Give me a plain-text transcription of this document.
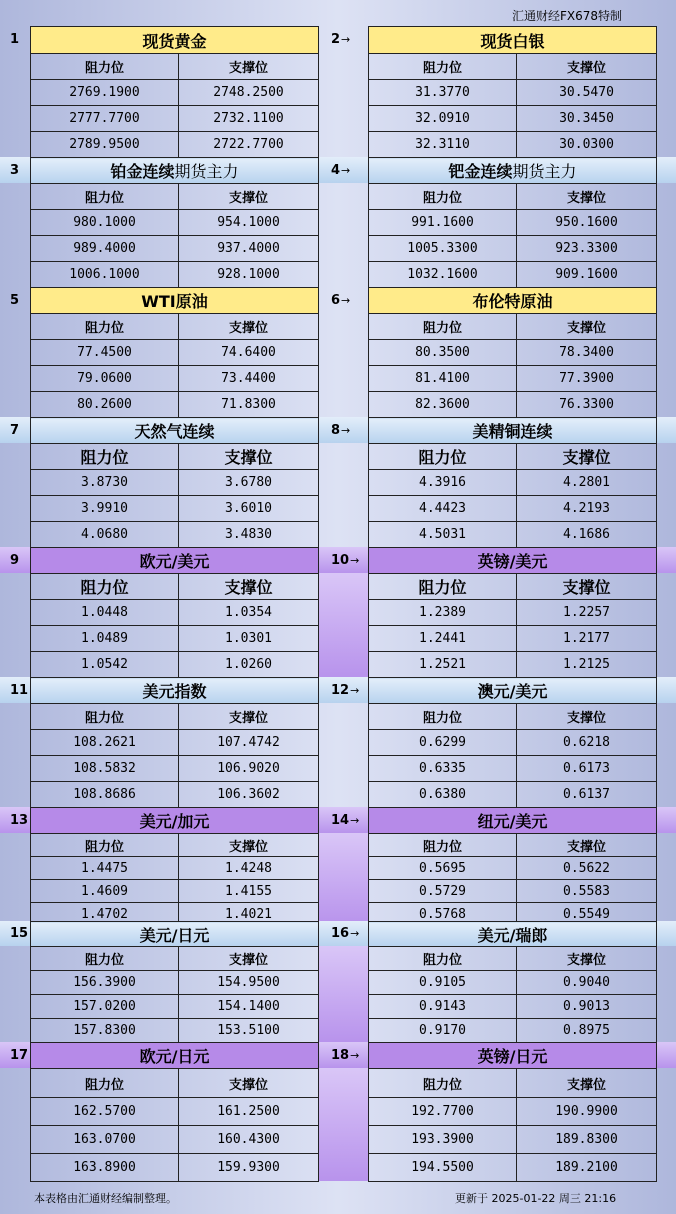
汇通财经FX678特制
现货黄金	
阻力位	支撑位
2769.1900	2748.2500
2777.7700	2732.1100
2789.9500	2722.7700
现货白银	
阻力位	支撑位
31.3770	30.5470
32.0910	30.3450
32.3110	30.0300
1	2→
铂金连续期货主力	
阻力位	支撑位
980.1000	954.1000
989.4000	937.4000
1006.1000	928.1000
钯金连续期货主力	
阻力位	支撑位
991.1600	950.1600
1005.3300	923.3300
1032.1600	909.1600
3	4→
WTI原油	
阻力位	支撑位
77.4500	74.6400
79.0600	73.4400
80.2600	71.8300
布伦特原油	
阻力位	支撑位
80.3500	78.3400
81.4100	77.3900
82.3600	76.3300
5	6→
天然气连续	
阻力位	支撑位
3.8730	3.6780
3.9910	3.6010
4.0680	3.4830
美精铜连续	
阻力位	支撑位
4.3916	4.2801
4.4423	4.2193
4.5031	4.1686
7	8→
欧元/美元	
阻力位	支撑位
1.0448	1.0354
1.0489	1.0301
1.0542	1.0260
英镑/美元	
阻力位	支撑位
1.2389	1.2257
1.2441	1.2177
1.2521	1.2125
9	10→
美元指数	
阻力位	支撑位
108.2621	107.4742
108.5832	106.9020
108.8686	106.3602
澳元/美元	
阻力位	支撑位
0.6299	0.6218
0.6335	0.6173
0.6380	0.6137
11	12→
美元/加元	
阻力位	支撑位
1.4475	1.4248
1.4609	1.4155
1.4702	1.4021
纽元/美元	
阻力位	支撑位
0.5695	0.5622
0.5729	0.5583
0.5768	0.5549
13	14→
美元/日元	
阻力位	支撑位
156.3900	154.9500
157.0200	154.1400
157.8300	153.5100
美元/瑞郎	
阻力位	支撑位
0.9105	0.9040
0.9143	0.9013
0.9170	0.8975
15	16→
欧元/日元	
阻力位	支撑位
162.5700	161.2500
163.0700	160.4300
163.8900	159.9300
英镑/日元	
阻力位	支撑位
192.7700	190.9900
193.3900	189.8300
194.5500	189.2100
17	18→
本表格由汇通财经编制整理。	更新于 2025-01-22 周三 21:16
